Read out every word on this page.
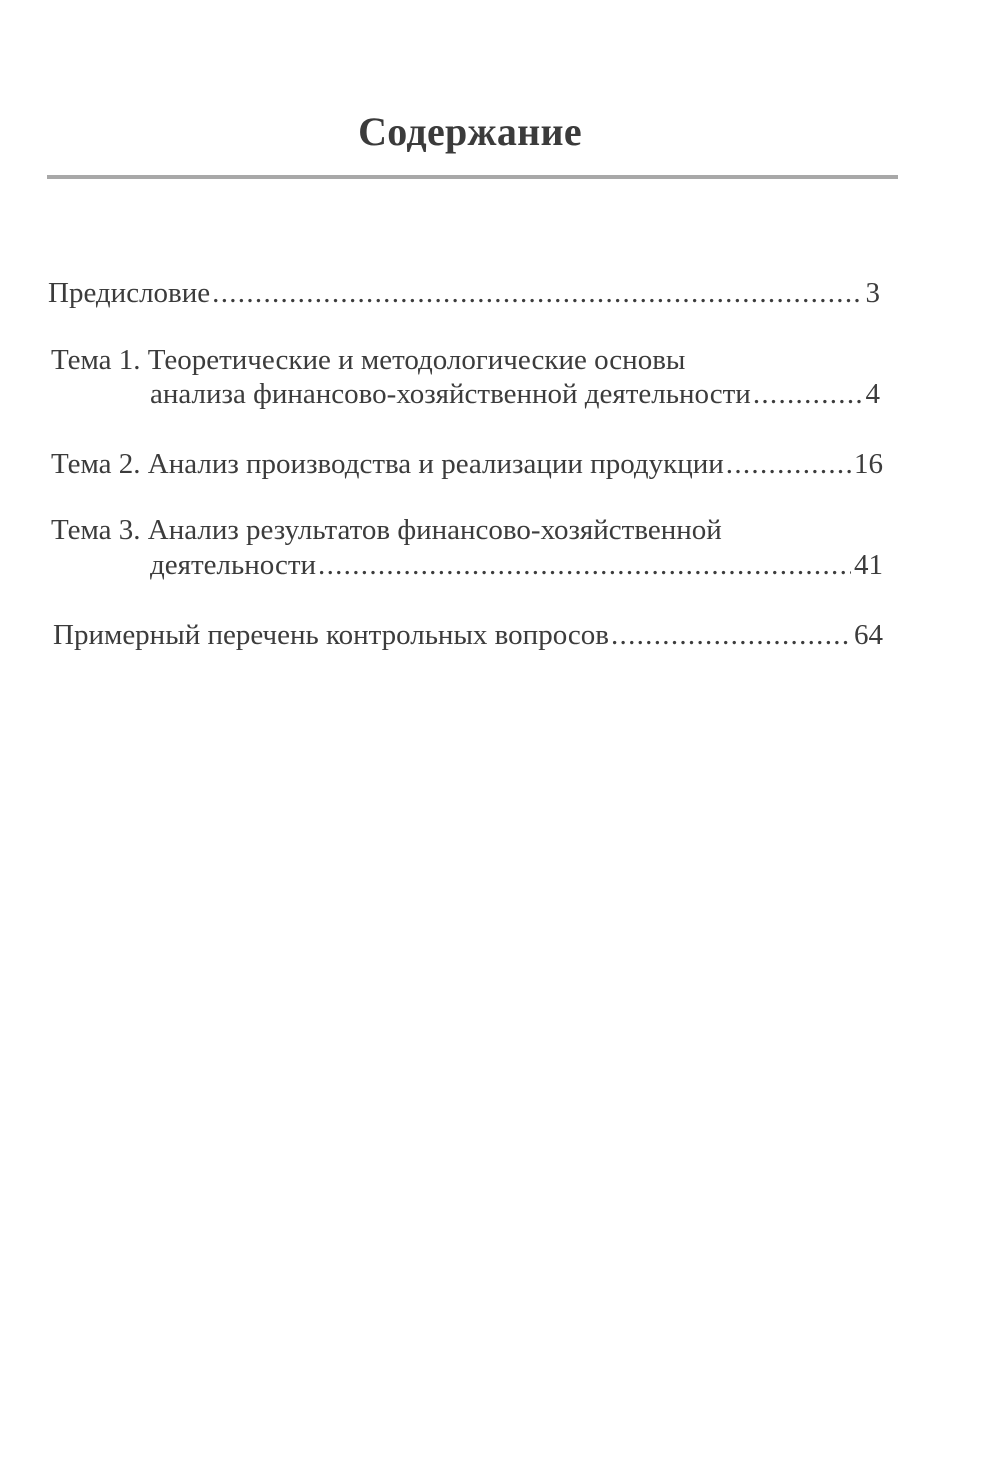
Содержание
Предисловие .....	3
Тема 1. Теоретические и методологические основы
анализа финансово-хозяйственной деятельности .....	4
Тема 2. Анализ производства и реализации продукции .....	16
Тема 3. Анализ результатов финансово-хозяйственной
деятельности .....	41
Примерный перечень контрольных вопросов .....	64
